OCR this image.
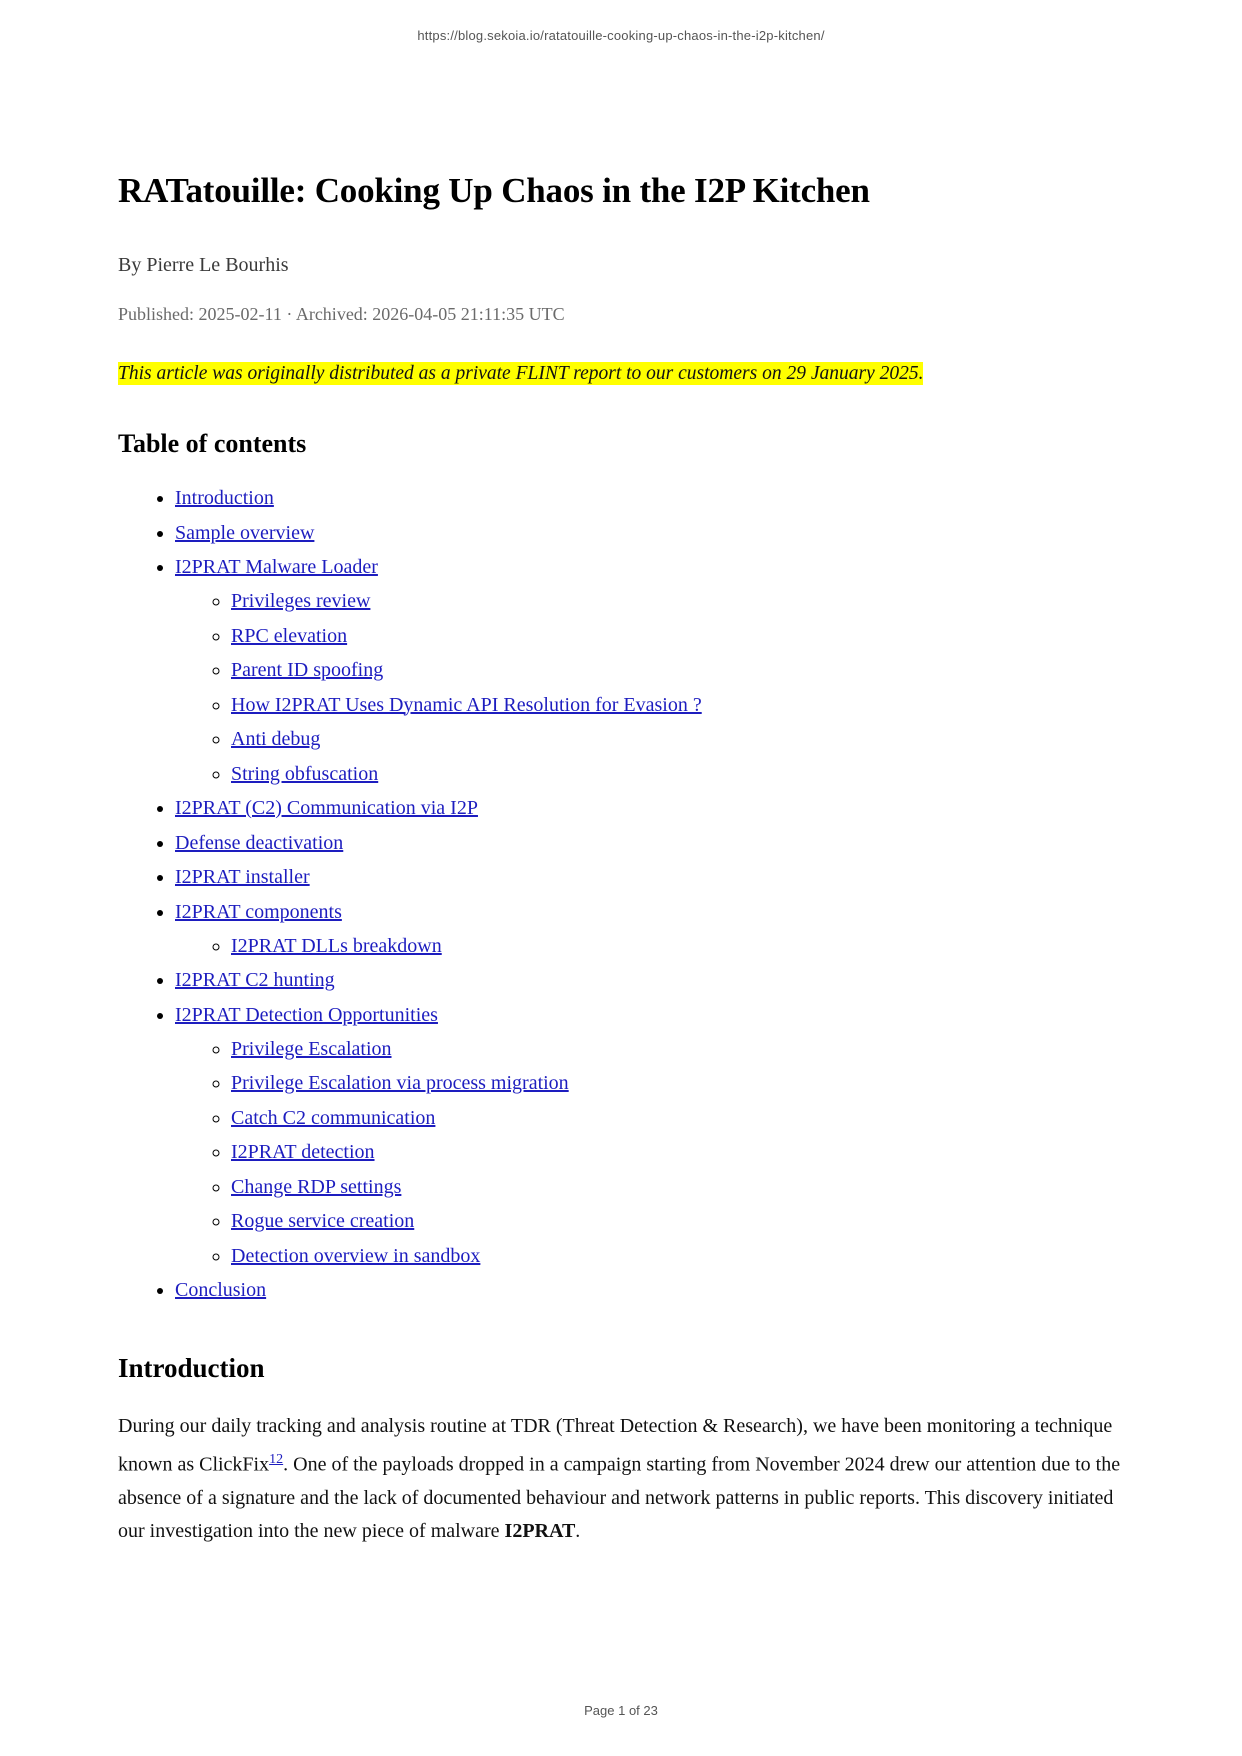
https://blog.sekoia.io/ratatouille-cooking-up-chaos-in-the-i2p-kitchen/
RATatouille: Cooking Up Chaos in the I2P Kitchen
By Pierre Le Bourhis
Published: 2025-02-11 · Archived: 2026-04-05 21:11:35 UTC
This article was originally distributed as a private FLINT report to our customers on 29 January 2025.
Table of contents
• Introduction
• Sample overview
• I2PRAT Malware Loader
◦ Privileges review
◦ RPC elevation
◦ Parent ID spoofing
◦ How I2PRAT Uses Dynamic API Resolution for Evasion ?
◦ Anti debug
◦ String obfuscation
• I2PRAT (C2) Communication via I2P
• Defense deactivation
• I2PRAT installer
• I2PRAT components
◦ I2PRAT DLLs breakdown
• I2PRAT C2 hunting
• I2PRAT Detection Opportunities
◦ Privilege Escalation
◦ Privilege Escalation via process migration
◦ Catch C2 communication
◦ I2PRAT detection
◦ Change RDP settings
◦ Rogue service creation
◦ Detection overview in sandbox
• Conclusion
Introduction

During our daily tracking and analysis routine at TDR (Threat Detection & Research), we have been monitoring a technique known as ClickFix$^{12}$. One of the payloads dropped in a campaign starting from November 2024 drew our attention due to the absence of a signature and the lack of documented behaviour and network patterns in public reports. This discovery initiated our investigation into the new piece of malware I2PRAT.

Page 1 of 23
